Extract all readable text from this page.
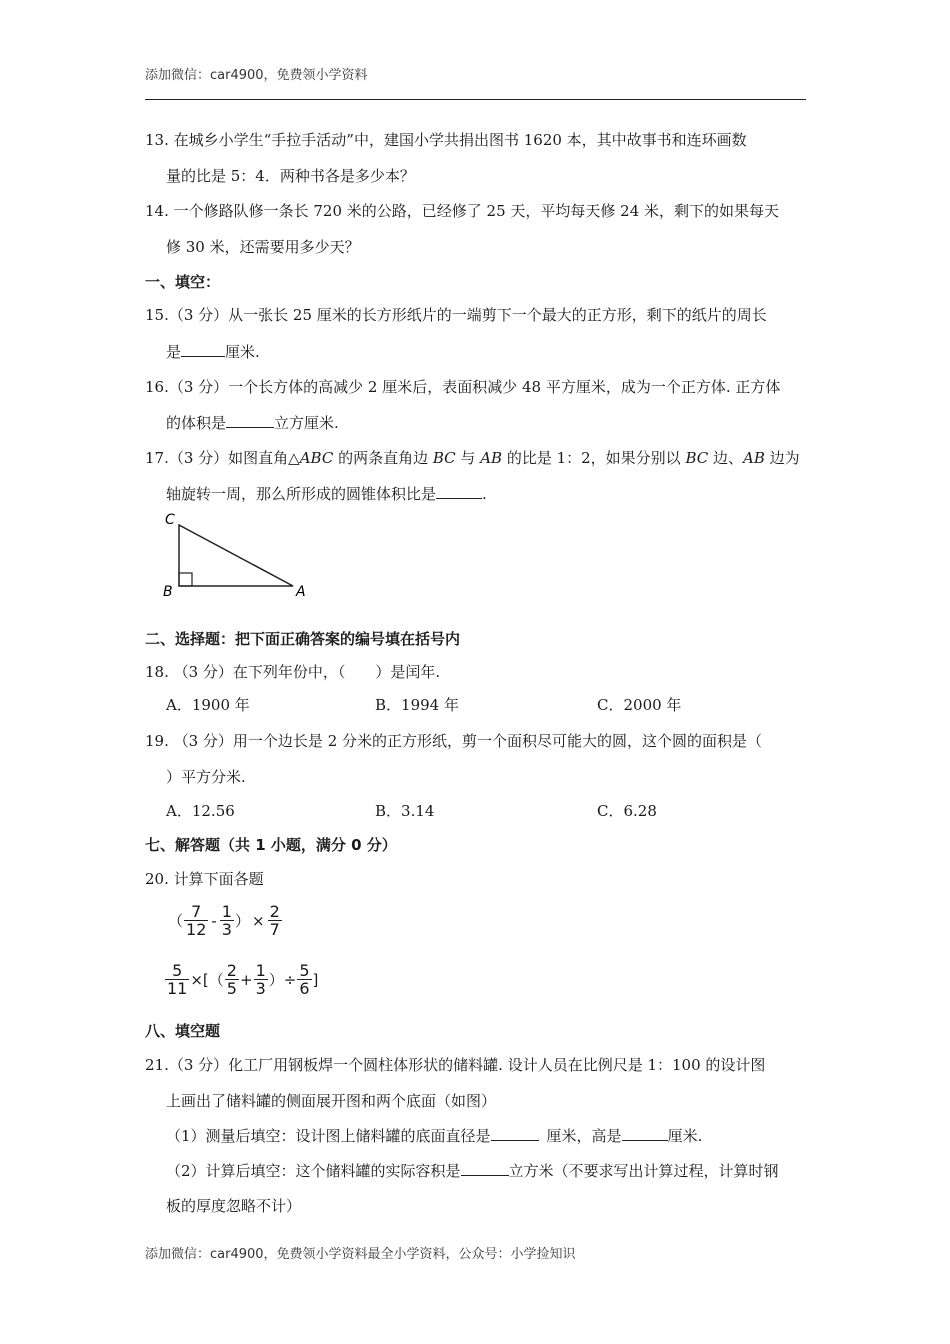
添加微信：car4900，免费领小学资料
13. 在城乡小学生“手拉手活动”中，建国小学共捐出图书 1620 本，其中故事书和连环画数
量的比是 5：4．两种书各是多少本？
14. 一个修路队修一条长 720 米的公路，已经修了 25 天，平均每天修 24 米，剩下的如果每天
修 30 米，还需要用多少天？
一、填空：
15.（3 分）从一张长 25 厘米的长方形纸片的一端剪下一个最大的正方形，剩下的纸片的周长
是	厘米.
16.（3 分）一个长方体的高减少 2 厘米后，表面积减少 48 平方厘米，成为一个正方体. 正方体
的体积是	立方厘米.
17.（3 分）如图直角△ABC 的两条直角边 BC 与 AB 的比是 1：2，如果分别以 BC 边、AB 边为
轴旋转一周，那么所形成的圆锥体积比是	.
C
B	A
二、选择题：把下面正确答案的编号填在括号内
18. （3 分）在下列年份中，（　　）是闰年.
A．1900 年	B．1994 年	C．2000 年
19. （3 分）用一个边长是 2 分米的正方形纸，剪一个面积尽可能大的圆，这个圆的面积是（
）平方分米.
A．12.56	B．3.14	C．6.28
七、解答题（共 1 小题，满分 0 分）
20. 计算下面各题
（ $\frac{7}{12} - \frac{1}{3}$ ） × $\frac{2}{7}$
$\frac{5}{11}$ ×[ （ $\frac{2}{5} + \frac{1}{3}$ ） ÷ $\frac{5}{6}$ ]
八、填空题
21.（3 分）化工厂用钢板焊一个圆柱体形状的储料罐. 设计人员在比例尺是 1：100 的设计图
上画出了储料罐的侧面展开图和两个底面（如图）
（1）测量后填空：设计图上储料罐的底面直径是	厘米，高是	厘米.
（2）计算后填空：这个储料罐的实际容积是	立方米（不要求写出计算过程，计算时钢
板的厚度忽略不计）
添加微信：car4900，免费领小学资料最全小学资料，公众号：小学捡知识
